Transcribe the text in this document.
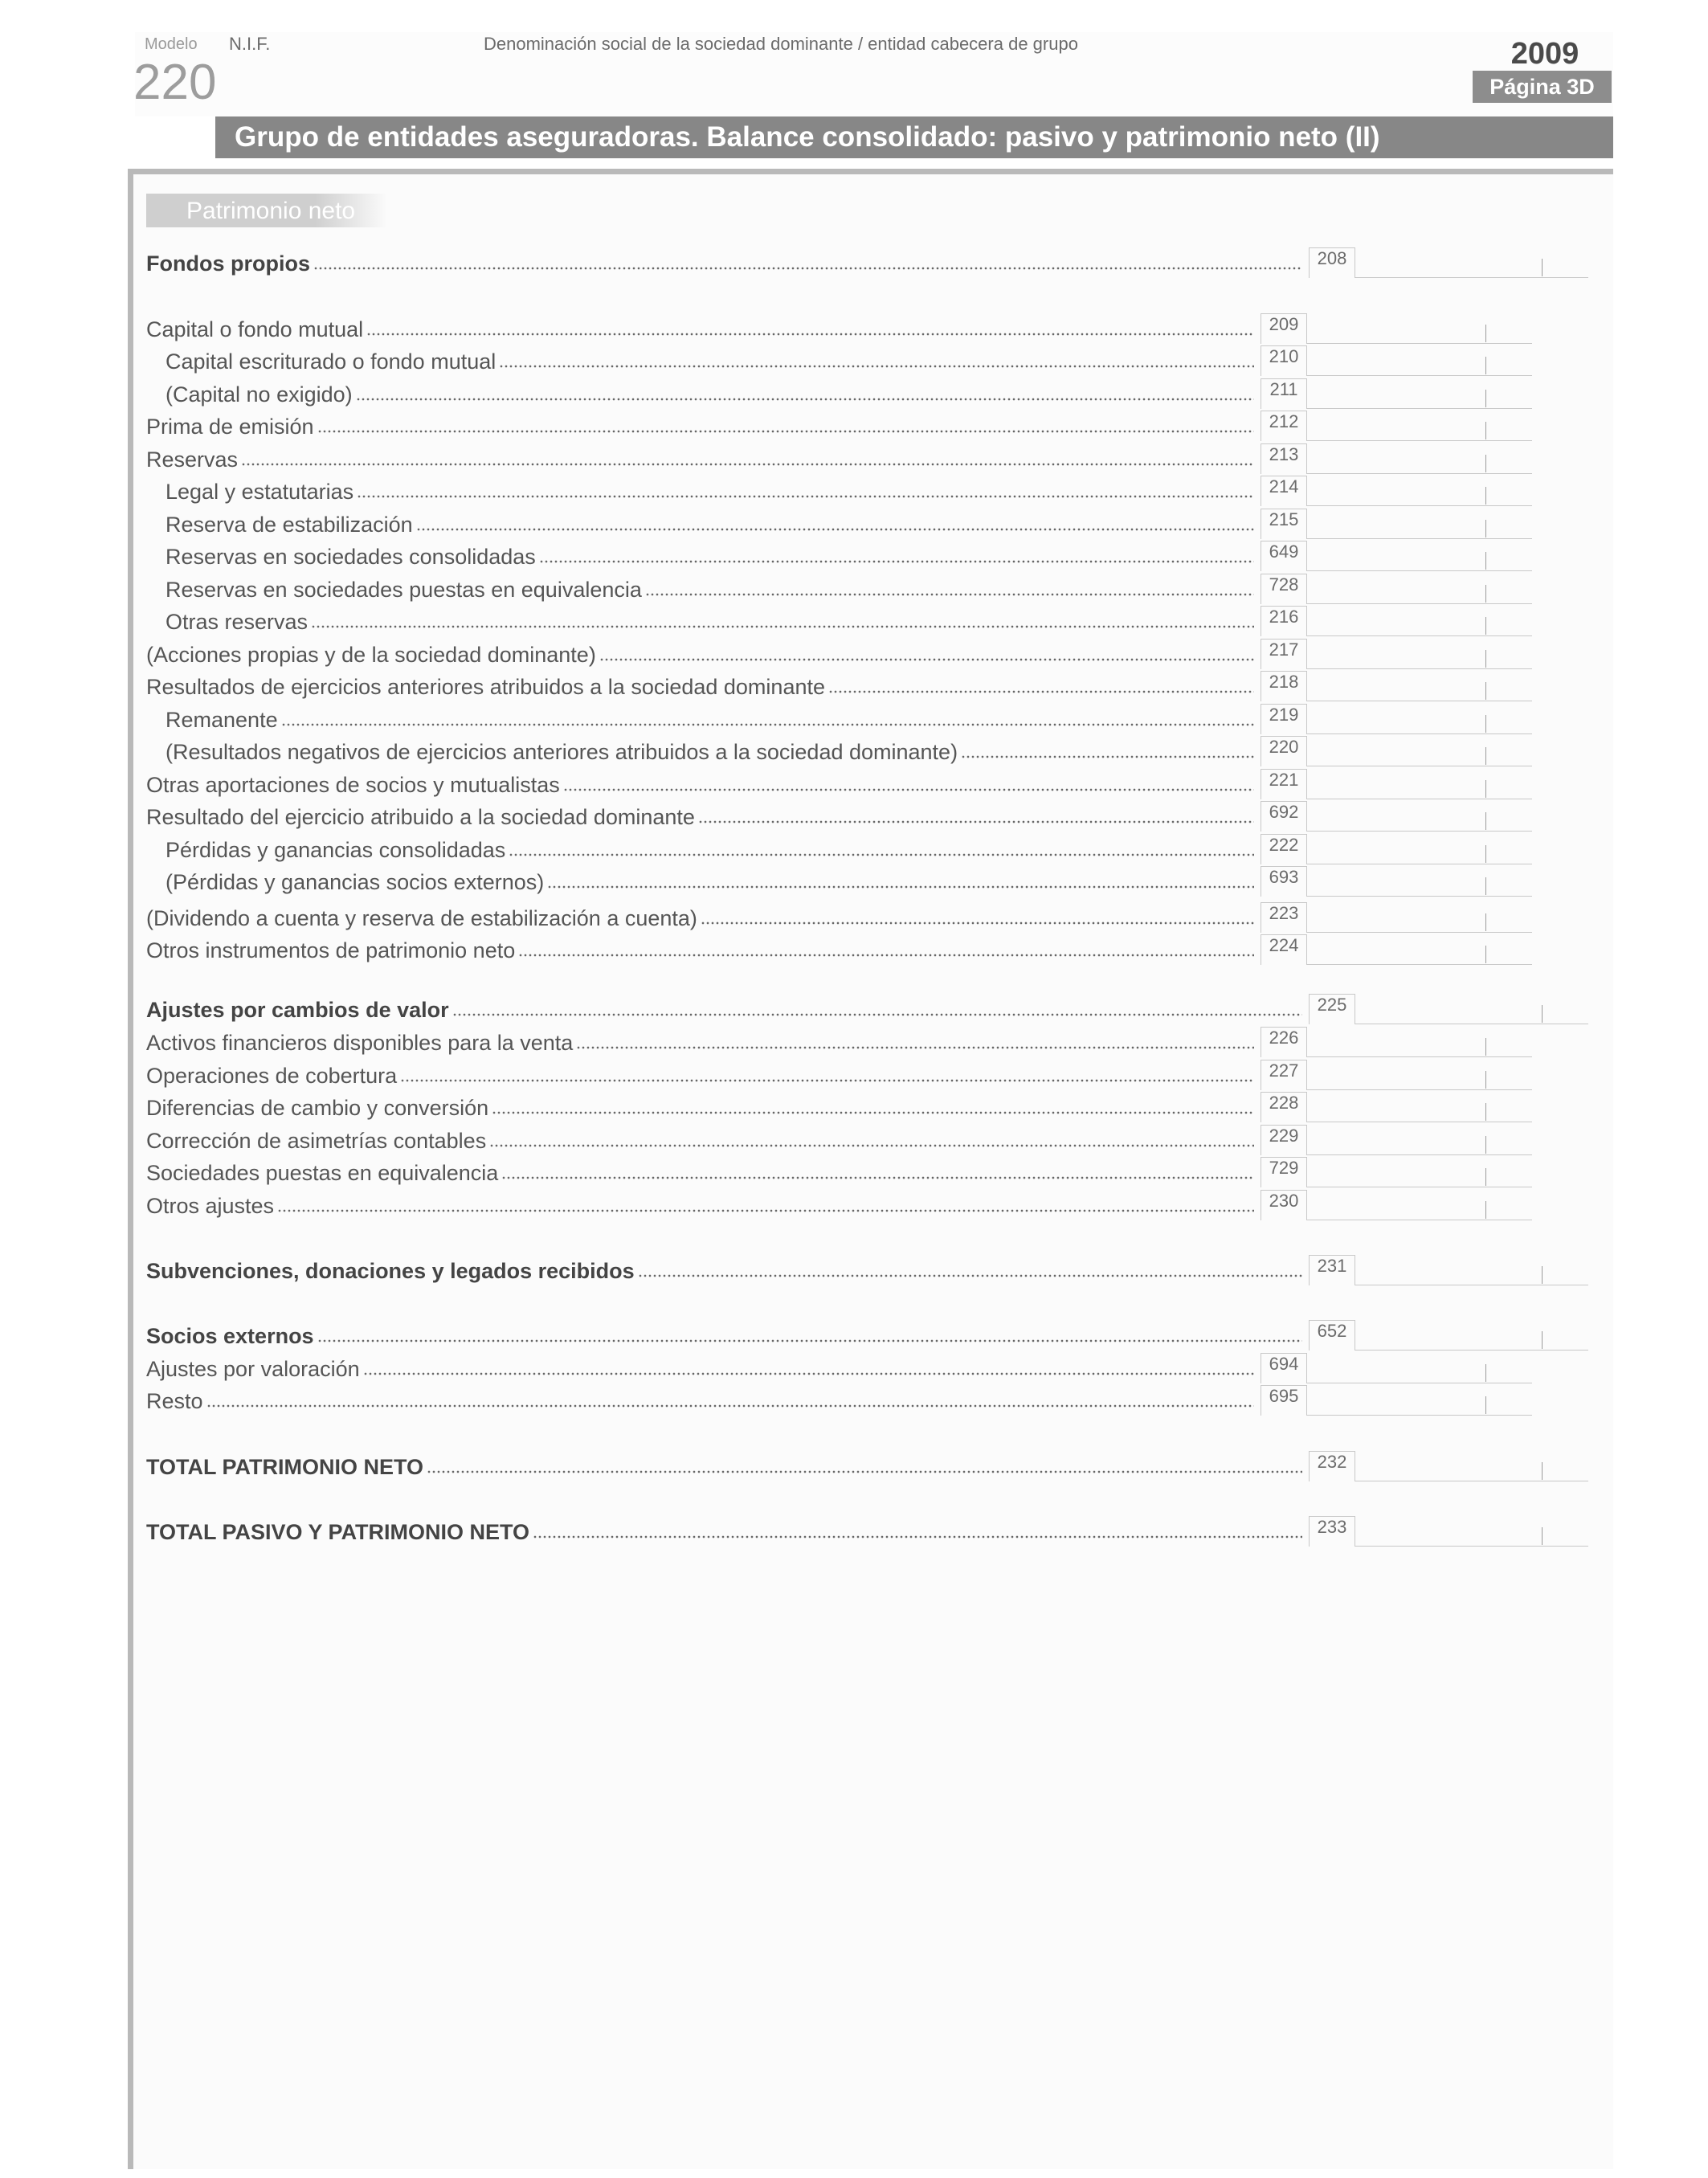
Modelo
220
N.I.F.	Denominación social de la sociedad dominante / entidad cabecera de grupo	2009
Página 3D
Grupo de entidades aseguradoras. Balance consolidado: pasivo y patrimonio neto (II)
Patrimonio neto
Fondos propios	208
Capital o fondo mutual	209
Capital escriturado o fondo mutual	210
(Capital no exigido)	211
Prima de emisión	212
Reservas	213
Legal y estatutarias	214
Reserva de estabilización	215
Reservas en sociedades consolidadas	649
Reservas en sociedades puestas en equivalencia	728
Otras reservas	216
(Acciones propias y de la sociedad dominante)	217
Resultados de ejercicios anteriores atribuidos a la sociedad dominante	218
Remanente	219
(Resultados negativos de ejercicios anteriores atribuidos a la sociedad dominante)	220
Otras aportaciones de socios y mutualistas	221
Resultado del ejercicio atribuido a la sociedad dominante	692
Pérdidas y ganancias consolidadas	222
(Pérdidas y ganancias socios externos)	693
(Dividendo a cuenta y reserva de estabilización a cuenta)	223
Otros instrumentos de patrimonio neto	224
Ajustes por cambios de valor	225
Activos financieros disponibles para la venta	226
Operaciones de cobertura	227
Diferencias de cambio y conversión	228
Corrección de asimetrías contables	229
Sociedades puestas en equivalencia	729
Otros ajustes	230
Subvenciones, donaciones y legados recibidos	231
Socios externos	652
Ajustes por valoración	694
Resto	695
TOTAL PATRIMONIO NETO	232
TOTAL PASIVO Y PATRIMONIO NETO	233
